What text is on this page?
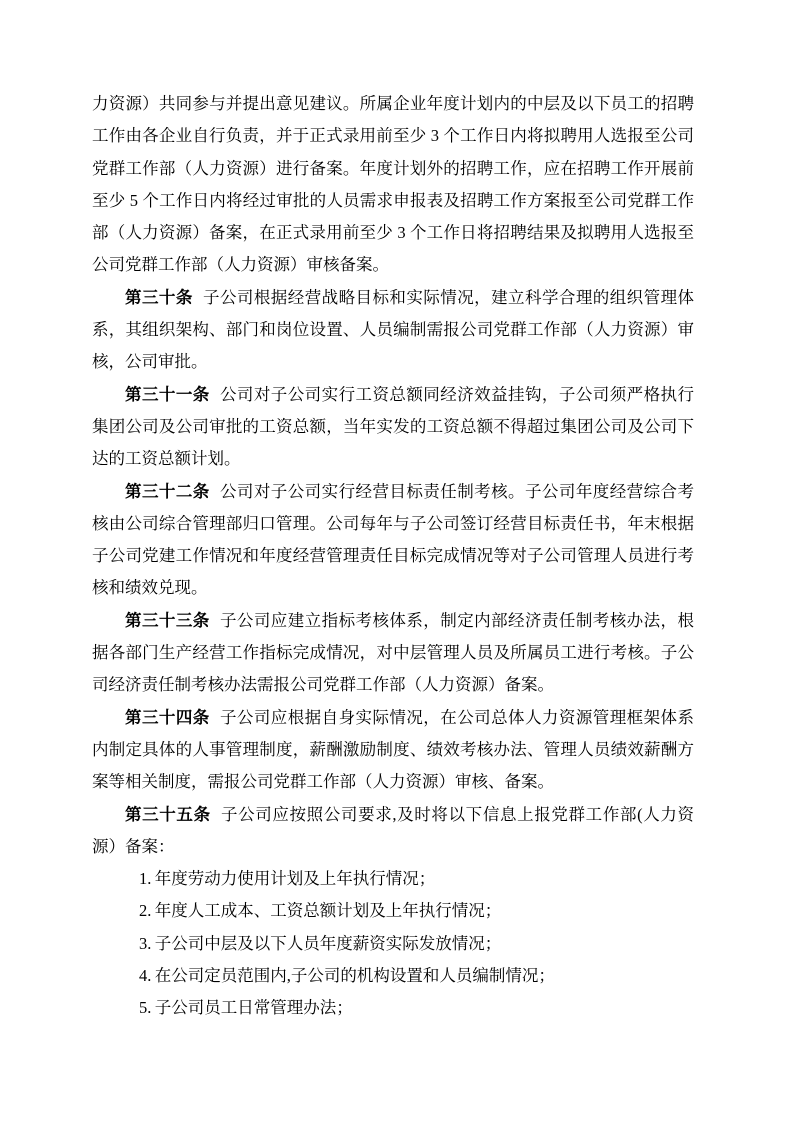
力资源）共同参与并提出意见建议。所属企业年度计划内的中层及以下员工的招聘工作由各企业自行负责，并于正式录用前至少 3 个工作日内将拟聘用人选报至公司党群工作部（人力资源）进行备案。年度计划外的招聘工作，应在招聘工作开展前至少 5 个工作日内将经过审批的人员需求申报表及招聘工作方案报至公司党群工作部（人力资源）备案，在正式录用前至少 3 个工作日将招聘结果及拟聘用人选报至公司党群工作部（人力资源）审核备案。

第三十条 子公司根据经营战略目标和实际情况，建立科学合理的组织管理体系，其组织架构、部门和岗位设置、人员编制需报公司党群工作部（人力资源）审核，公司审批。

第三十一条 公司对子公司实行工资总额同经济效益挂钩，子公司须严格执行集团公司及公司审批的工资总额，当年实发的工资总额不得超过集团公司及公司下达的工资总额计划。

第三十二条 公司对子公司实行经营目标责任制考核。子公司年度经营综合考核由公司综合管理部归口管理。公司每年与子公司签订经营目标责任书，年末根据子公司党建工作情况和年度经营管理责任目标完成情况等对子公司管理人员进行考核和绩效兑现。

第三十三条 子公司应建立指标考核体系，制定内部经济责任制考核办法，根据各部门生产经营工作指标完成情况，对中层管理人员及所属员工进行考核。子公司经济责任制考核办法需报公司党群工作部（人力资源）备案。

第三十四条 子公司应根据自身实际情况，在公司总体人力资源管理框架体系内制定具体的人事管理制度，薪酬激励制度、绩效考核办法、管理人员绩效薪酬方案等相关制度，需报公司党群工作部（人力资源）审核、备案。

第三十五条 子公司应按照公司要求,及时将以下信息上报党群工作部(人力资源）备案：

1.  年度劳动力使用计划及上年执行情况；

2.  年度人工成本、工资总额计划及上年执行情况；

3.  子公司中层及以下人员年度薪资实际发放情况；

4.  在公司定员范围内,子公司的机构设置和人员编制情况；

5.  子公司员工日常管理办法；
